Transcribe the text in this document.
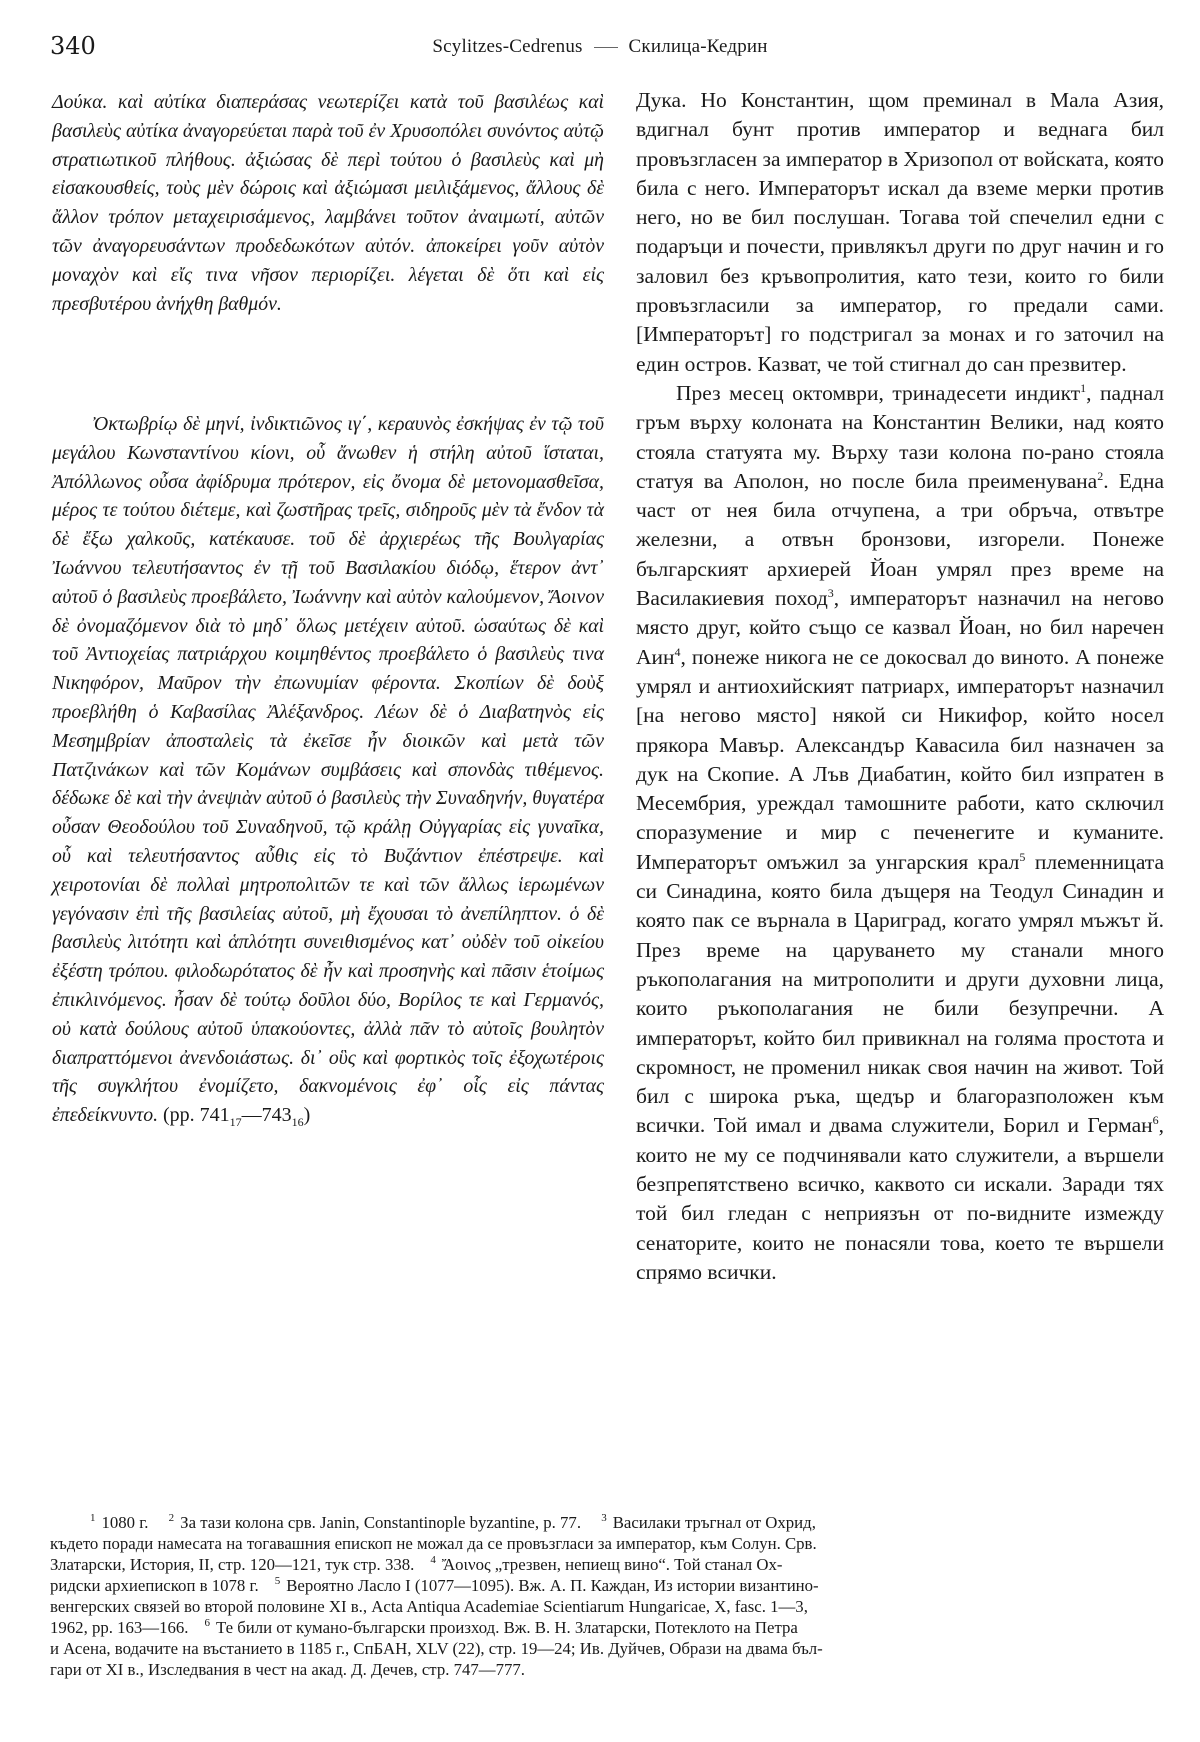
340	Scylitzes-Cedrenus Скилица-Кедрин

Δούκα. καὶ αὐτίκα διαπεράσας νεωτερίζει κατὰ τοῦ βασιλέως καὶ βασιλεὺς αὐτίκα ἀναγορεύεται παρὰ τοῦ ἐν Χρυσοπόλει συνόντος αὐτῷ στρατιωτικοῦ πλήθους. ἀξιώσας δὲ περὶ τούτου ὁ βασιλεὺς καὶ μὴ εἰσακουσθείς, τοὺς μὲν δώροις καὶ ἀξιώμασι μειλιξάμενος, ἄλλους δὲ ἄλλον τρόπον μεταχειρισάμενος, λαμβάνει τοῦτον ἀναιμωτί, αὐτῶν τῶν ἀναγορευσάντων προδεδωκότων αὐτόν. ἀποκείρει γοῦν αὐτὸν μοναχὸν καὶ εἴς τινα νῆσον περιορίζει. λέγεται δὲ ὅτι καὶ εἰς πρεσβυτέρου ἀνήχθη βαθμόν.

Ὀκτωβρίῳ δὲ μηνί, ἰνδικτιῶνος ιγ΄, κεραυνὸς ἐσκήψας ἐν τῷ τοῦ μεγάλου Κωνσταντίνου κίονι, οὗ ἄνωθεν ἡ στήλη αὐτοῦ ἵσταται, Ἀπόλλωνος οὖσα ἀφίδρυμα πρότερον, εἰς ὄνομα δὲ μετονομασθεῖσα, μέρος τε τούτου διέτεμε, καὶ ζωστῆρας τρεῖς, σιδηροῦς μὲν τὰ ἔνδον τὰ δὲ ἔξω χαλκοῦς, κατέκαυσε. τοῦ δὲ ἀρχιερέως τῆς Βουλγαρίας Ἰωάννου τελευτήσαντος ἐν τῇ τοῦ Βασιλακίου διόδῳ, ἕτερον ἀντ᾿ αὐτοῦ ὁ βασιλεὺς προεβάλετο, Ἰωάννην καὶ αὐτὸν καλούμενον, Ἄοινον δὲ ὀνομαζόμενον διὰ τὸ μηδ᾿ ὅλως μετέχειν αὐτοῦ. ὡσαύτως δὲ καὶ τοῦ Ἀντιοχείας πατριάρχου κοιμηθέντος προεβάλετο ὁ βασιλεὺς τινα Νικηφόρον, Μαῦρον τὴν ἐπωνυμίαν φέροντα. Σκοπίων δὲ δοὺξ προεβλήθη ὁ Καβασίλας Ἀλέξανδρος. Λέων δὲ ὁ Διαβατηνὸς εἰς Μεσημβρίαν ἀποσταλεὶς τὰ ἐκεῖσε ἦν διοικῶν καὶ μετὰ τῶν Πατζινάκων καὶ τῶν Κομάνων συμβάσεις καὶ σπονδὰς τιθέμενος. δέδωκε δὲ καὶ τὴν ἀνεψιὰν αὐτοῦ ὁ βασιλεὺς τὴν Συναδηνήν, θυγατέρα οὖσαν Θεοδούλου τοῦ Συναδηνοῦ, τῷ κράλῃ Οὐγγαρίας εἰς γυναῖκα, οὗ καὶ τελευτήσαντος αὖθις εἰς τὸ Βυζάντιον ἐπέστρεψε. καὶ χειροτονίαι δὲ πολλαὶ μητροπολιτῶν τε καὶ τῶν ἄλλως ἱερωμένων γεγόνασιν ἐπὶ τῆς βασιλείας αὐτοῦ, μὴ ἔχουσαι τὸ ἀνεπίληπτον. ὁ δὲ βασιλεὺς λιτότητι καὶ ἁπλότητι συνειθισμένος κατ᾿ οὐδὲν τοῦ οἰκείου ἐξέστη τρόπου. φιλοδωρότατος δὲ ἦν καὶ προσηνὴς καὶ πᾶσιν ἑτοίμως ἐπικλινόμενος. ἦσαν δὲ τούτῳ δοῦλοι δύο, Βορίλος τε καὶ Γερμανός, οὐ κατὰ δούλους αὐτοῦ ὑπακούοντες, ἀλλὰ πᾶν τὸ αὐτοῖς βουλητὸν διαπραττόμενοι ἀνενδοιάστως. δι᾿ οὓς καὶ φορτικὸς τοῖς ἐξοχωτέροις τῆς συγκλήτου ἐνομίζετο, δακνομένοις ἐφ᾿ οἷς εἰς πάντας ἐπεδείκνυντο. (pp. $741_{17}—743_{16}$)

Дука. Но Константин, щом преминал в Мала Азия, вдигнал бунт против император и веднага бил провъзгласен за император в Хризопол от войската, която била с него. Императорът искал да вземе мерки против него, но ве бил послушан. Тогава той спечелил едни с подаръци и почести, привлякъл други по друг начин и го заловил без кръвопролития, като тези, които го били провъзгласили за император, го предали сами. [Императорът] го подстригал за монах и го заточил на един остров. Казват, че той стигнал до сан презвитер.

През месец октомври, тринадесети индикт$^1$, паднал гръм върху колоната на Константин Велики, над която стояла статуята му. Върху тази колона по-рано стояла статуя ва Аполон, но после била преименувана$^2$. Една част от нея била отчупена, а три обръча, отвътре железни, а отвън бронзови, изгорели. Понеже българският архиерей Йоан умрял през време на Василакиевия поход$^3$, императорът назначил на негово място друг, който също се казвал Йоан, но бил наречен Аин$^4$, понеже никога не се докосвал до виното. А понеже умрял и антиохийският патриарх, императорът назначил [на негово място] някой си Никифор, който носел прякора Мавър. Александър Кавасила бил назначен за дук на Скопие. А Лъв Диабатин, който бил изпратен в Месембрия, уреждал тамошните работи, като сключил споразумение и мир с печенегите и куманите. Императорът омъжил за унгарския крал$^5$ племенницата си Синадина, която била дъщеря на Теодул Синадин и която пак се върнала в Цариград, когато умрял мъжът й. През време на царуването му станали много ръкополагания на митрополити и други духовни лица, които ръкополагания не били безупречни. А императорът, който бил привикнал на голяма простота и скромност, не променил никак своя начин на живот. Той бил с широка ръка, щедър и благоразположен към всички. Той имал и двама служители, Борил и Герман$^6$, които не му се подчинявали като служители, а вършели безпрепятствено всичко, каквото си искали. Заради тях той бил гледан с неприязън от по-видните измежду сенаторите, които не понасяли това, което те вършели спрямо всички.

$^1$ 1080 г. $^2$ За тази колона срв. Janin, Constantinople byzantine, p. 77. $^3$ Василаки тръгнал от Охрид,
където поради намесата на тогавашния епископ не можал да се провъзгласи за император, към Солун. Срв.
Златарски, История, II, стр. 120—121, тук стр. 338. $^4$ Ἄοινος „трезвен, непиещ вино“. Той станал Ох-
ридски архиепископ в 1078 г. $^5$ Вероятно Ласло I (1077—1095). Вж. А. П. Каждан, Из истории византино-
венгерских связей во второй половине XI в., Acta Antiqua Academiae Scientiarum Hungaricae, X, fasc. 1—3,
1962, pp. 163—166. $^6$ Те били от кумано-български произход. Вж. В. Н. Златарски, Потеклото на Петра
и Асена, водачите на въстанието в 1185 г., СпБАН, XLV (22), стр. 19—24; Ив. Дуйчев, Образи на двама бъл-
гари от XI в., Изследвания в чест на акад. Д. Дечев, стр. 747—777.
